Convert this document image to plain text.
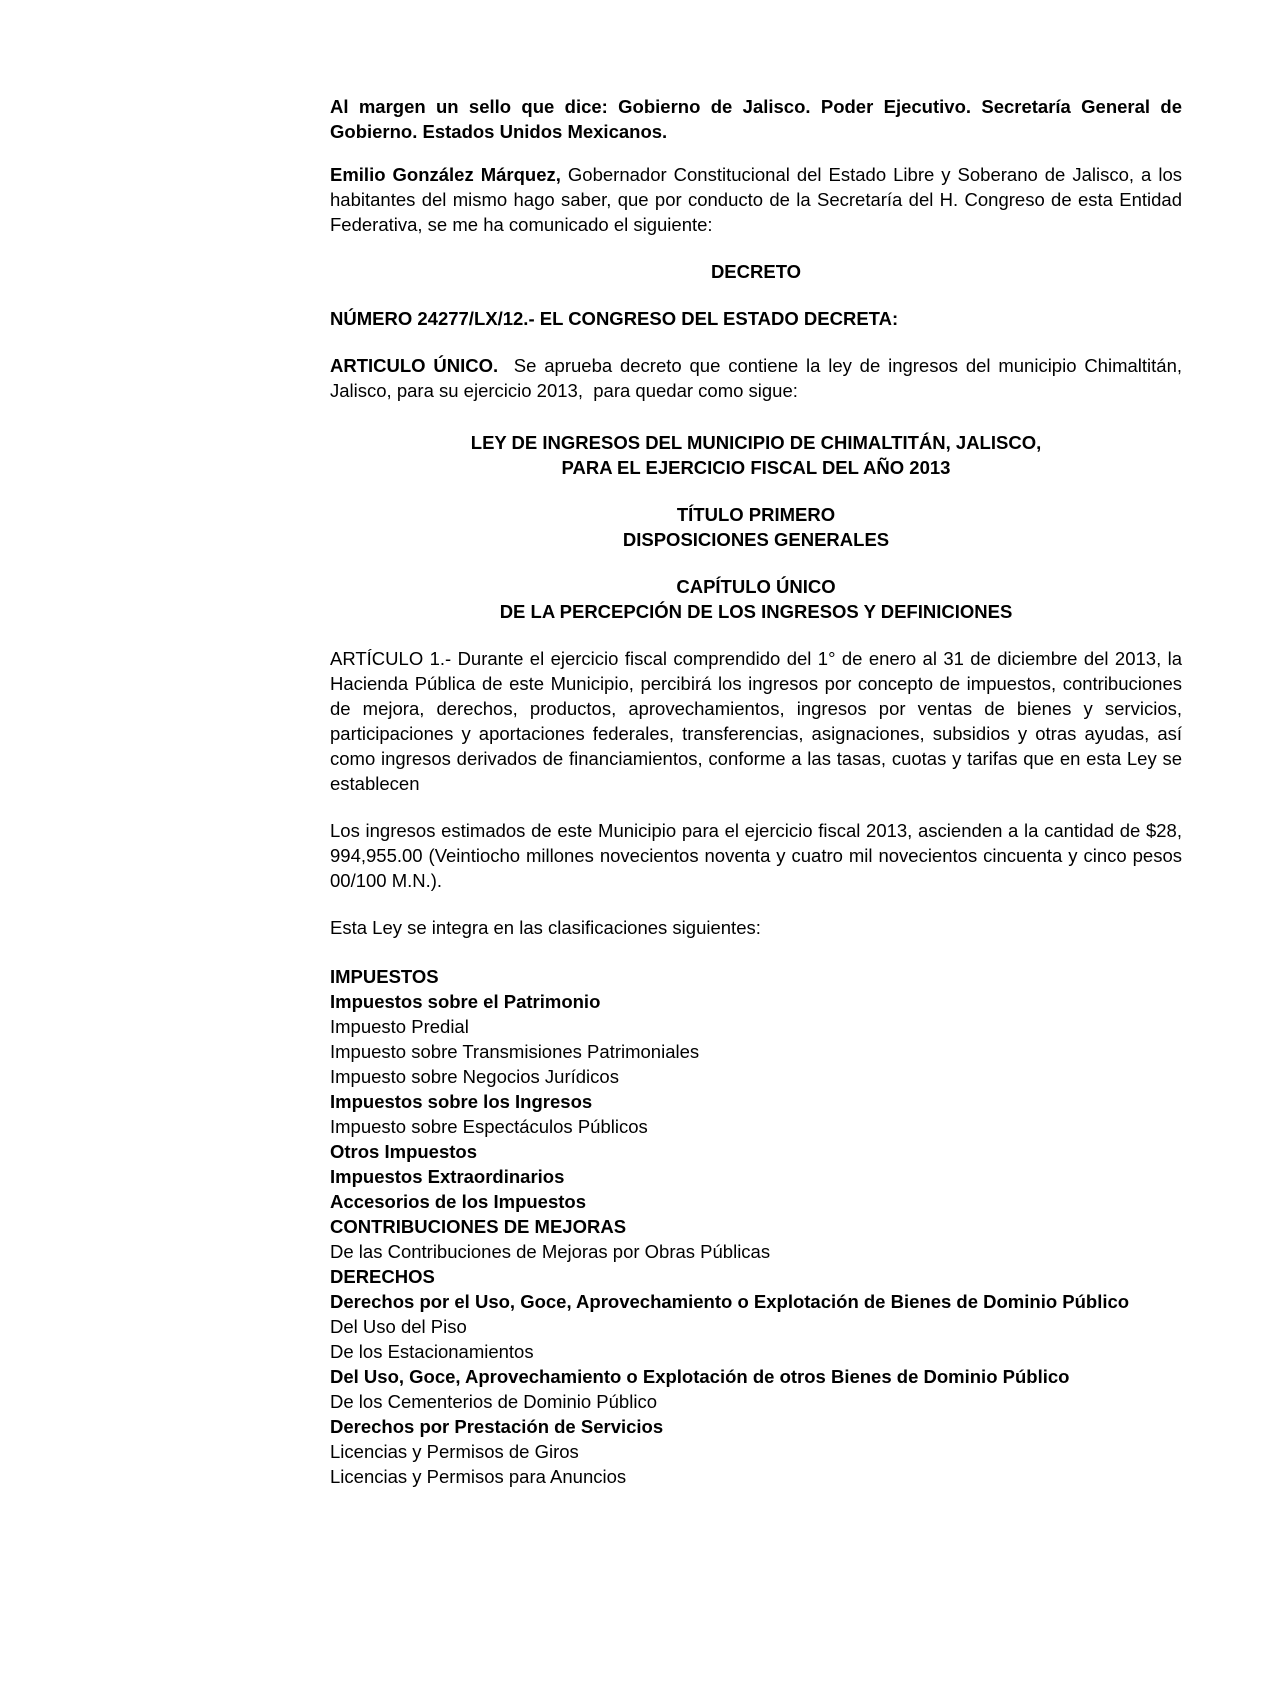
Al margen un sello que dice: Gobierno de Jalisco. Poder Ejecutivo. Secretaría General de Gobierno. Estados Unidos Mexicanos.

Emilio González Márquez, Gobernador Constitucional del Estado Libre y Soberano de Jalisco, a los habitantes del mismo hago saber, que por conducto de la Secretaría del H. Congreso de esta Entidad Federativa, se me ha comunicado el siguiente:

DECRETO

NÚMERO 24277/LX/12.- EL CONGRESO DEL ESTADO DECRETA:

ARTICULO ÚNICO.  Se aprueba decreto que contiene la ley de ingresos del municipio Chimaltitán,  Jalisco, para su ejercicio 2013,  para quedar como sigue:

LEY DE INGRESOS DEL MUNICIPIO DE CHIMALTITÁN, JALISCO,

PARA EL EJERCICIO FISCAL DEL AÑO 2013

TÍTULO PRIMERO

DISPOSICIONES GENERALES

CAPÍTULO ÚNICO

DE LA PERCEPCIÓN DE LOS INGRESOS Y DEFINICIONES

ARTÍCULO 1.- Durante el ejercicio fiscal comprendido del 1° de enero al 31 de diciembre del 2013, la Hacienda Pública de este Municipio, percibirá los ingresos por concepto de impuestos, contribuciones de mejora, derechos, productos, aprovechamientos, ingresos por ventas de bienes y servicios, participaciones y aportaciones federales, transferencias, asignaciones, subsidios y otras ayudas, así como ingresos derivados de financiamientos, conforme a las tasas, cuotas y tarifas que en esta Ley se establecen

Los ingresos estimados de este Municipio para el ejercicio fiscal 2013, ascienden a la cantidad de $28, 994,955.00 (Veintiocho millones novecientos noventa y cuatro mil novecientos cincuenta y cinco pesos 00/100 M.N.).

Esta Ley se integra en las clasificaciones siguientes:

IMPUESTOS
Impuestos sobre el Patrimonio
Impuesto Predial
Impuesto sobre Transmisiones Patrimoniales
Impuesto sobre Negocios Jurídicos
Impuestos sobre los Ingresos
Impuesto sobre Espectáculos Públicos
Otros Impuestos
Impuestos Extraordinarios
Accesorios de los Impuestos
CONTRIBUCIONES DE MEJORAS
De las Contribuciones de Mejoras por Obras Públicas
DERECHOS
Derechos por el Uso, Goce, Aprovechamiento o Explotación de Bienes de Dominio Público
Del Uso del Piso
De los Estacionamientos
Del Uso, Goce, Aprovechamiento o Explotación de otros Bienes de Dominio Público
De los Cementerios de Dominio Público
Derechos por Prestación de Servicios
Licencias y Permisos de Giros
Licencias y Permisos para Anuncios
